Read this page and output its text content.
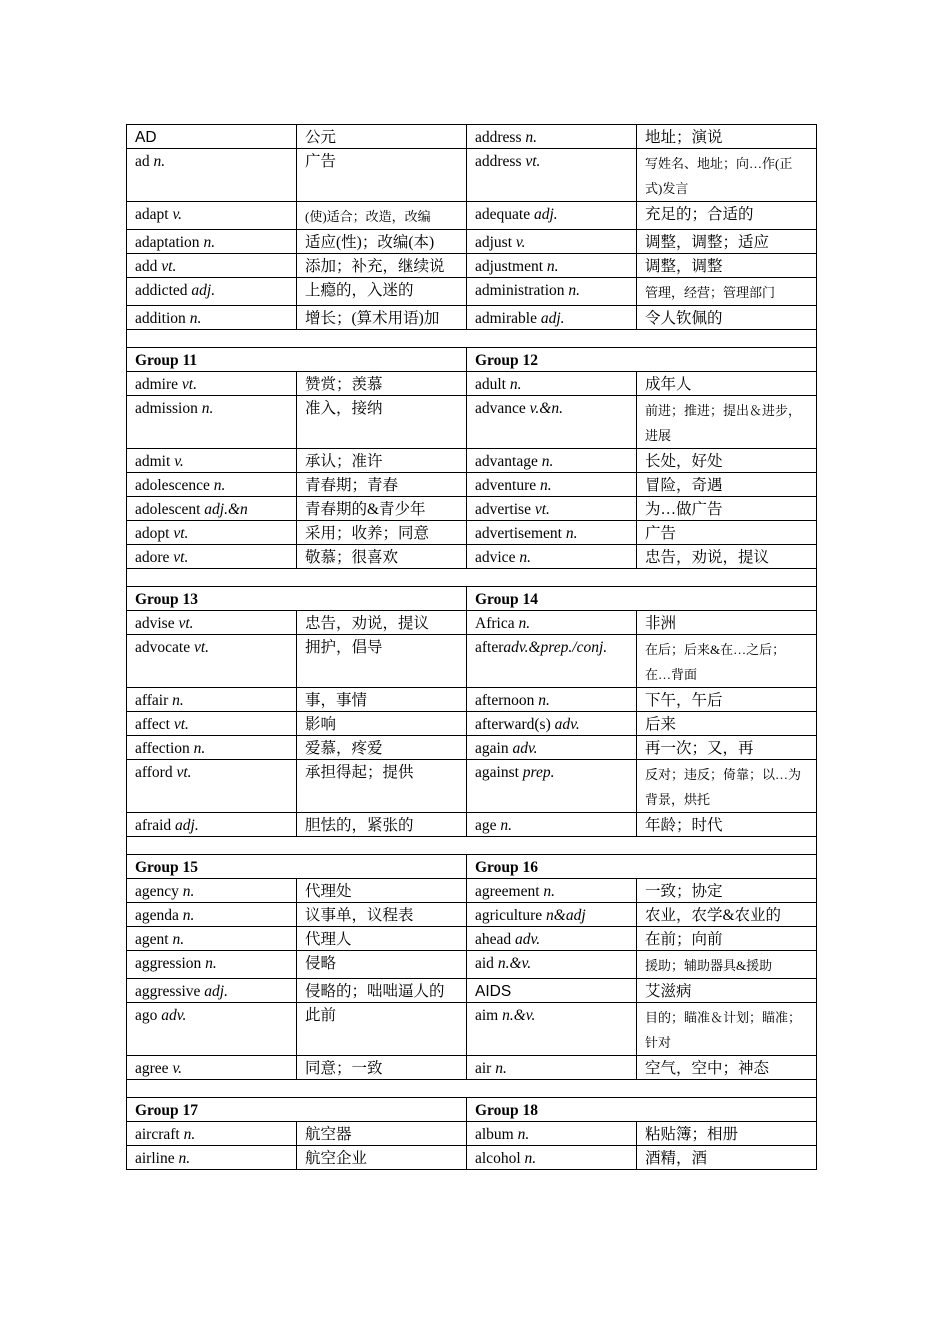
AD	公元	address n.	地址；演说
ad n.	广告	address vt.	写姓名、地址；向…作(正式)发言
adapt v.	(使)适合；改造，改编	adequate adj.	充足的；合适的
adaptation n.	适应(性)；改编(本)	adjust v.	调整，调整；适应
add vt.	添加；补充，继续说	adjustment n.	调整，调整
addicted adj.	上瘾的，入迷的	administration n.	管理，经营；管理部门
addition n.	增长；(算术用语)加	admirable adj.	令人钦佩的

Group 11		Group 12	
admire vt.	赞赏；羡慕	adult n.	成年人
admission n.	准入，接纳	advance v.&n.	前进；推进；提出＆进步，进展
admit v.	承认；准许	advantage n.	长处，好处
adolescence n.	青春期；青春	adventure n.	冒险，奇遇
adolescent adj.&n	青春期的&青少年	advertise vt.	为…做广告
adopt vt.	采用；收养；同意	advertisement n.	广告
adore vt.	敬慕；很喜欢	advice n.	忠告，劝说，提议

Group 13		Group 14	
advise vt.	忠告，劝说，提议	Africa n.	非洲
advocate vt.	拥护，倡导	afteradv.&prep./conj.	在后；后来&在…之后；在…背面
affair n.	事，事情	afternoon n.	下午，午后
affect vt.	影响	afterward(s) adv.	后来
affection n.	爱慕，疼爱	again adv.	再一次；又，再
afford vt.	承担得起；提供	against prep.	反对；违反；倚靠；以…为背景，烘托
afraid adj.	胆怯的，紧张的	age n.	年龄；时代

Group 15		Group 16	
agency n.	代理处	agreement n.	一致；协定
agenda n.	议事单，议程表	agriculture n&adj	农业，农学&农业的
agent n.	代理人	ahead adv.	在前；向前
aggression n.	侵略	aid n.&v.	援助；辅助器具&援助
aggressive adj.	侵略的；咄咄逼人的	AIDS	艾滋病
ago adv.	此前	aim n.&v.	目的；瞄准＆计划；瞄准；针对
agree v.	同意；一致	air n.	空气，空中；神态

Group 17		Group 18	
aircraft n.	航空器	album n.	粘贴簿；相册
airline n.	航空企业	alcohol n.	酒精，酒
